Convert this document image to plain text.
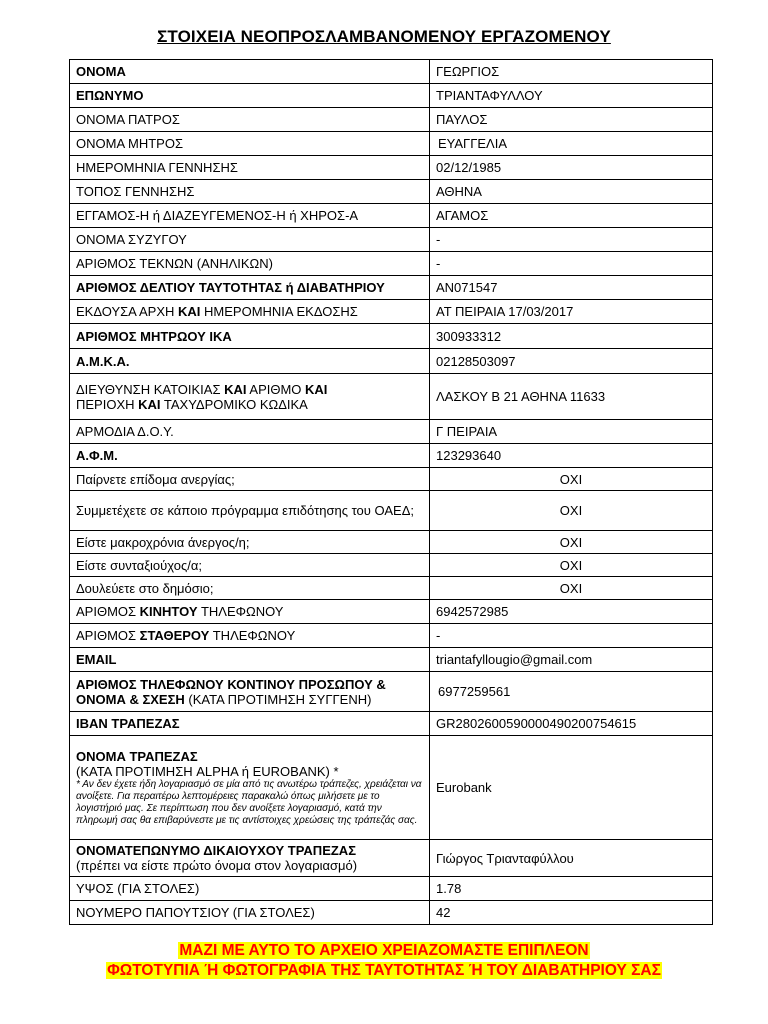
ΣΤΟΙΧΕΙΑ ΝΕΟΠΡΟΣΛΑΜΒΑΝΟΜΕΝΟΥ ΕΡΓΑΖΟΜΕΝΟΥ
ΟΝΟΜΑ	ΓΕΩΡΓΙΟΣ
ΕΠΩΝΥΜΟ	ΤΡΙΑΝΤΑΦΥΛΛΟΥ
ΟΝΟΜΑ ΠΑΤΡΟΣ	ΠΑΥΛΟΣ
ΟΝΟΜΑ ΜΗΤΡΟΣ	ΕΥΑΓΓΕΛΙΑ
ΗΜΕΡΟΜΗΝΙΑ ΓΕΝΝΗΣΗΣ	02/12/1985
ΤΟΠΟΣ ΓΕΝΝΗΣΗΣ	ΑΘΗΝΑ
ΕΓΓΑΜΟΣ-Η ή ΔΙΑΖΕΥΓΕΜΕΝΟΣ-Η ή ΧΗΡΟΣ-Α	ΑΓΑΜΟΣ
ΟΝΟΜΑ ΣΥΖΥΓΟΥ	-
ΑΡΙΘΜΟΣ ΤΕΚΝΩΝ (ΑΝΗΛΙΚΩΝ)	-
ΑΡΙΘΜΟΣ ΔΕΛΤΙΟΥ ΤΑΥΤΟΤΗΤΑΣ ή ΔΙΑΒΑΤΗΡΙΟΥ	AN071547
ΕΚΔΟΥΣΑ ΑΡΧΗ ΚΑΙ ΗΜΕΡΟΜΗΝΙΑ ΕΚΔΟΣΗΣ	ΑΤ ΠΕΙΡΑΙΑ 17/03/2017
ΑΡΙΘΜΟΣ ΜΗΤΡΩΟΥ ΙΚΑ	300933312
Α.Μ.Κ.Α.	02128503097
ΔΙΕΥΘΥΝΣΗ ΚΑΤΟΙΚΙΑΣ ΚΑΙ ΑΡΙΘΜΟ ΚΑΙ
ΠΕΡΙΟΧΗ ΚΑΙ ΤΑΧΥΔΡΟΜΙΚΟ ΚΩΔΙΚΑ	ΛΑΣΚΟΥ Β 21 ΑΘΗΝΑ 11633
ΑΡΜΟΔΙΑ Δ.Ο.Υ.	Γ ΠΕΙΡΑΙΑ
Α.Φ.Μ.	123293640
Παίρνετε επίδομα ανεργίας;	ΟΧΙ
Συμμετέχετε σε κάποιο πρόγραμμα επιδότησης του ΟΑΕΔ;	ΟΧΙ
Είστε μακροχρόνια άνεργος/η;	ΟΧΙ
Είστε συνταξιούχος/α;	ΟΧΙ
Δουλεύετε στο δημόσιο;	ΟΧΙ
ΑΡΙΘΜΟΣ ΚΙΝΗΤΟΥ ΤΗΛΕΦΩΝΟΥ	6942572985
ΑΡΙΘΜΟΣ ΣΤΑΘΕΡΟΥ ΤΗΛΕΦΩΝΟΥ	-
EMAIL	triantafyllougio@gmail.com
ΑΡΙΘΜΟΣ ΤΗΛΕΦΩΝΟΥ ΚΟΝΤΙΝΟΥ ΠΡΟΣΩΠΟΥ & ΟΝΟΜΑ & ΣΧΕΣΗ (ΚΑΤΑ ΠΡΟΤΙΜΗΣΗ ΣΥΓΓΕΝΗ)	6977259561
IBAN ΤΡΑΠΕΖΑΣ	GR2802600590000490200754615
ΟΝΟΜΑ ΤΡΑΠΕΖΑΣ
(ΚΑΤΑ ΠΡΟΤΙΜΗΣΗ ALPHA ή EUROBANK) *
* Αν δεν έχετε ήδη λογαριασμό σε μία από τις ανωτέρω τράπεζες, χρειάζεται να ανοίξετε. Για περαιτέρω λεπτομέρειες παρακαλώ όπως μιλήσετε με το λογιστήριό μας. Σε περίπτωση που δεν ανοίξετε λογαριασμό, κατά την πληρωμή σας θα επιβαρύνεστε με τις αντίστοιχες χρεώσεις της τράπεζάς σας.	Eurobank
ΟΝΟΜΑΤΕΠΩΝΥΜΟ ΔΙΚΑΙΟΥΧΟΥ ΤΡΑΠΕΖΑΣ
(πρέπει να είστε πρώτο όνομα στον λογαριασμό)	Γιώργος Τριανταφύλλου
ΥΨΟΣ (ΓΙΑ ΣΤΟΛΕΣ)	1.78
ΝΟΥΜΕΡΟ ΠΑΠΟΥΤΣΙΟΥ (ΓΙΑ ΣΤΟΛΕΣ)	42
ΜΑΖΙ ΜΕ ΑΥΤΟ ΤΟ ΑΡΧΕΙΟ ΧΡΕΙΑΖΟΜΑΣΤΕ ΕΠΙΠΛΕΟΝ
ΦΩΤΟΤΥΠΙΑ Ή ΦΩΤΟΓΡΑΦΙΑ ΤΗΣ ΤΑΥΤΟΤΗΤΑΣ Ή ΤΟΥ ΔΙΑΒΑΤΗΡΙΟΥ ΣΑΣ
